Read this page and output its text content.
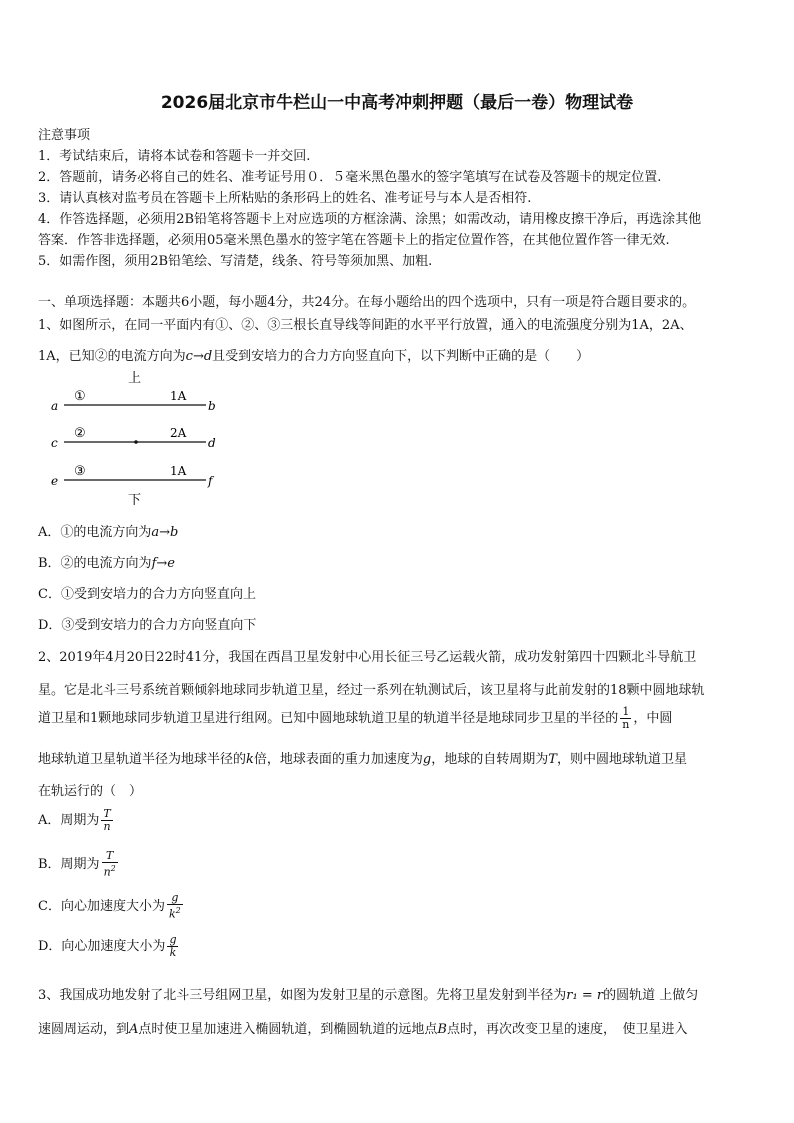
2026届北京市牛栏山一中高考冲刺押题（最后一卷）物理试卷
注意事项
1．考试结束后，请将本试卷和答题卡一并交回.
2．答题前，请务必将自己的姓名、准考证号用０．５毫米黑色墨水的签字笔填写在试卷及答题卡的规定位置.
3．请认真核对监考员在答题卡上所粘贴的条形码上的姓名、准考证号与本人是否相符.
4．作答选择题，必须用2B铅笔将答题卡上对应选项的方框涂满、涂黑；如需改动，请用橡皮擦干净后，再选涂其他
答案．作答非选择题，必须用05毫米黑色墨水的签字笔在答题卡上的指定位置作答，在其他位置作答一律无效.
5．如需作图，须用2B铅笔绘、写清楚，线条、符号等须加黑、加粗.
一、单项选择题：本题共6小题，每小题4分，共24分。在每小题给出的四个选项中，只有一项是符合题目要求的。
1、如图所示，在同一平面内有①、②、③三根长直导线等间距的水平平行放置，通入的电流强度分别为1A，2A、
1A，已知②的电流方向为c→d且受到安培力的合力方向竖直向下，以下判断中正确的是（　　）
上
a
①	1A
b
c
②	2A
d
e
③	1A
f
下
A．①的电流方向为a→b
B．②的电流方向为f→e
C．①受到安培力的合力方向竖直向上
D．③受到安培力的合力方向竖直向下
2、2019年4月20日22时41分，我国在西昌卫星发射中心用长征三号乙运载火箭，成功发射第四十四颗北斗导航卫
星。它是北斗三号系统首颗倾斜地球同步轨道卫星，经过一系列在轨测试后，该卫星将与此前发射的18颗中圆地球轨
道卫星和1颗地球同步轨道卫星进行组网。已知中圆地球轨道卫星的轨道半径是地球同步卫星的半径的 $\frac{1}{n}$ ，中圆
地球轨道卫星轨道半径为地球半径的k倍，地球表面的重力加速度为g，地球的自转周期为T，则中圆地球轨道卫星
在轨运行的（　）
A．周期为 $\frac{T}{n}$
B．周期为 $\frac{T}{n^2}$
C．向心加速度大小为 $\frac{g}{k^2}$
D．向心加速度大小为 $\frac{g}{k}$
3、我国成功地发射了北斗三号组网卫星，如图为发射卫星的示意图。先将卫星发射到半径为r₁ = r的圆轨道 上做匀
速圆周运动，到A点时使卫星加速进入椭圆轨道，到椭圆轨道的远地点B点时，再次改变卫星的速度，　使卫星进入
